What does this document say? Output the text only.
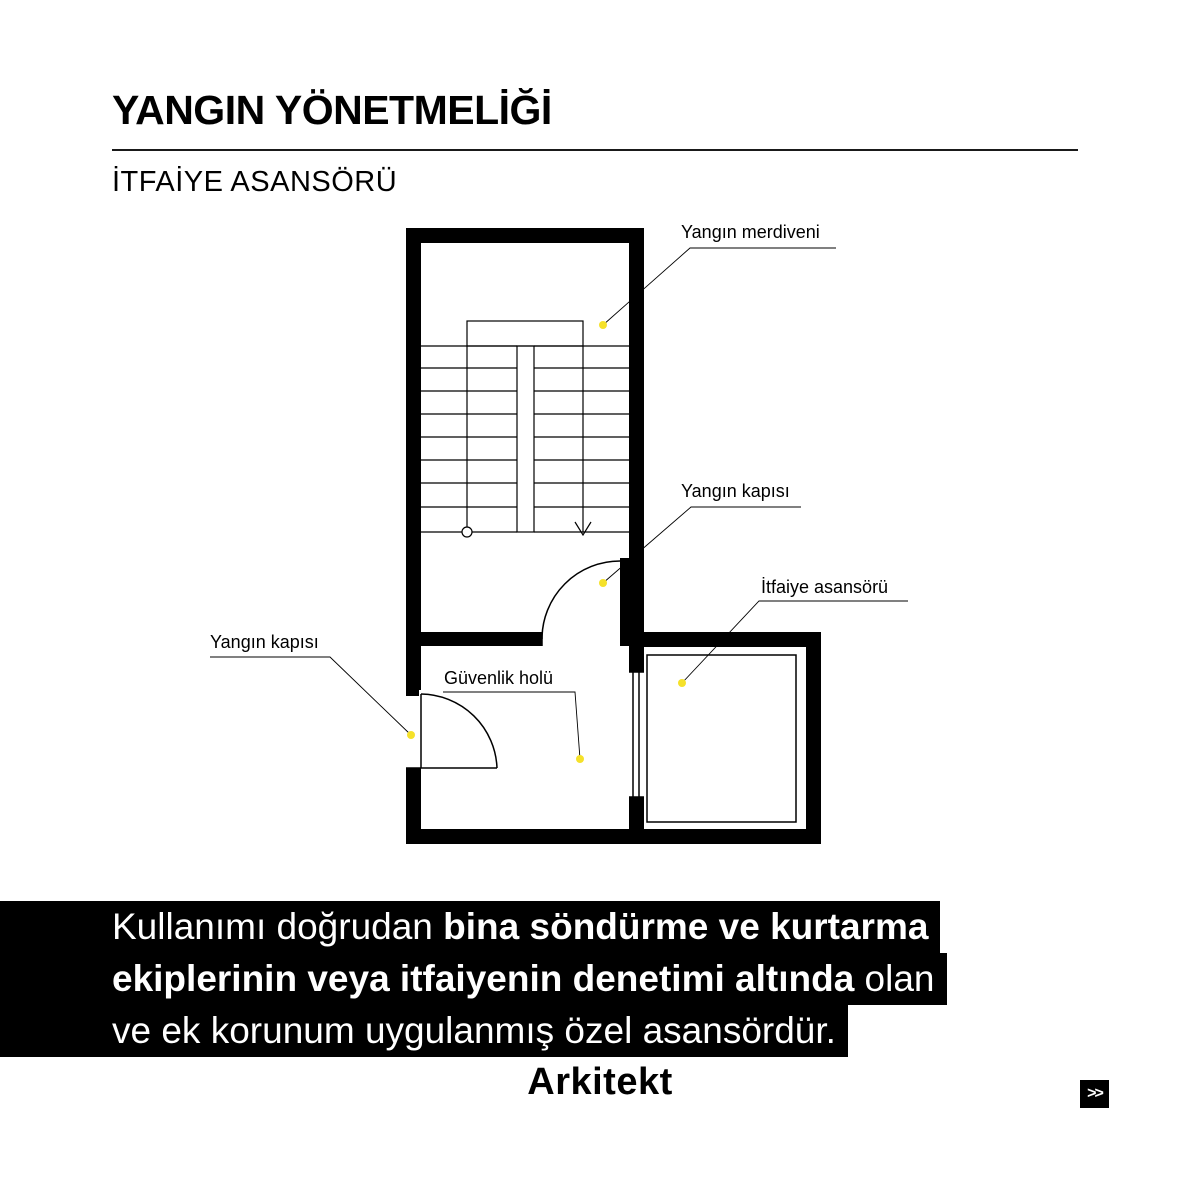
YANGIN YÖNETMELİĞİ
İTFAİYE ASANSÖRÜ
Yangın merdiveni
Yangın kapısı
İtfaiye asansörü
Yangın kapısı
Güvenlik holü
Kullanımı doğrudan bina söndürme ve kurtarma
ekiplerinin veya itfaiyenin denetimi altında olan
ve ek korunum uygulanmış özel asansördür.
Arkitekt	>>
